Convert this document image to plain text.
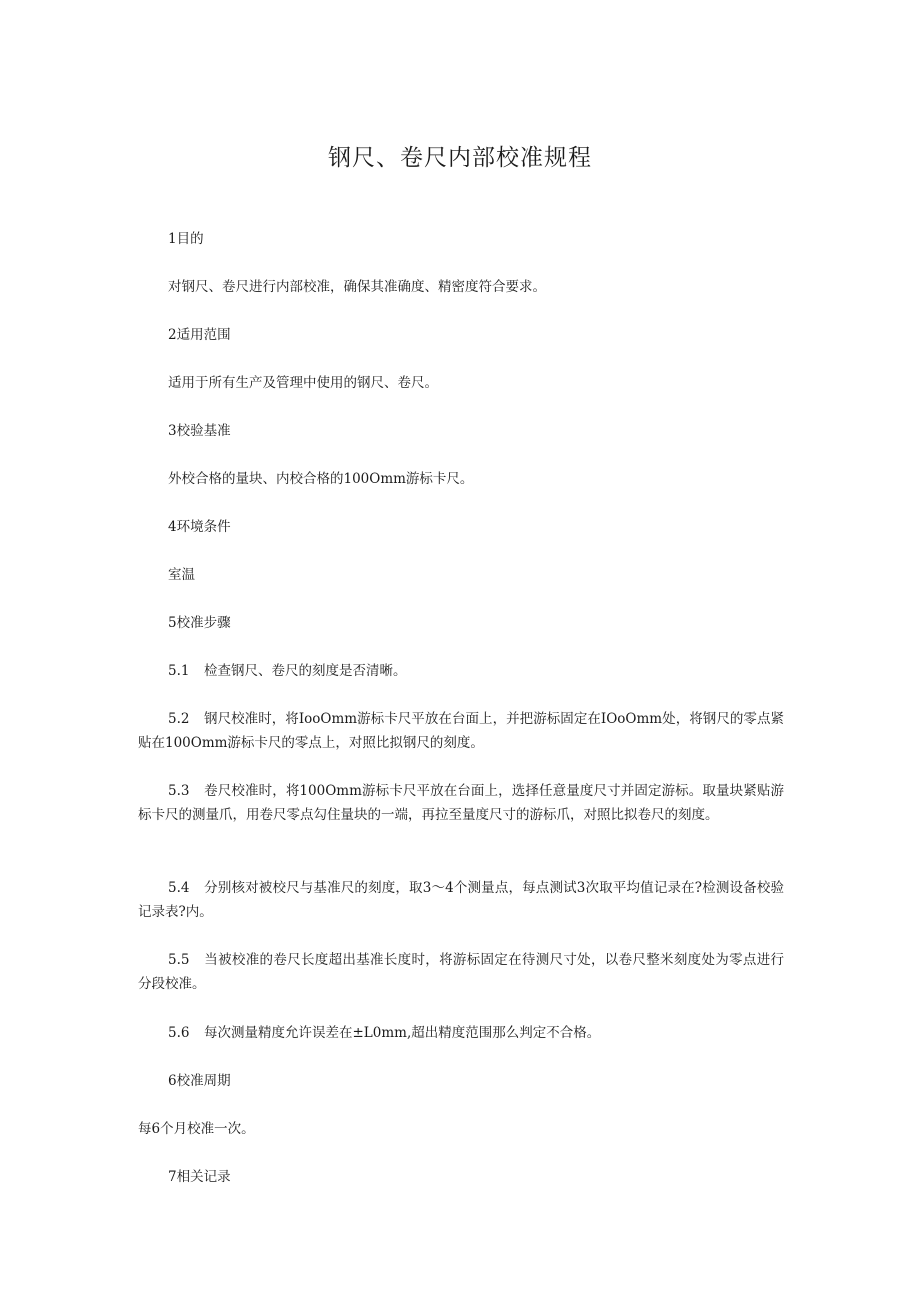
钢尺、卷尺内部校准规程

1目的

对钢尺、卷尺进行内部校准，确保其准确度、精密度符合要求。

2适用范围

适用于所有生产及管理中使用的钢尺、卷尺。

3校验基准

外校合格的量块、内校合格的100Omm游标卡尺。

4环境条件

室温

5校准步骤

5.1 检查钢尺、卷尺的刻度是否清晰。

5.2 钢尺校准时，将IooOmm游标卡尺平放在台面上，并把游标固定在IOoOmm处，将钢尺的零点紧贴在100Omm游标卡尺的零点上，对照比拟钢尺的刻度。

5.3 卷尺校准时，将100Omm游标卡尺平放在台面上，选择任意量度尺寸并固定游标。取量块紧贴游标卡尺的测量爪，用卷尺零点勾住量块的一端，再拉至量度尺寸的游标爪，对照比拟卷尺的刻度。

5.4 分别核对被校尺与基准尺的刻度，取3〜4个测量点，每点测试3次取平均值记录在?检测设备校验记录表?内。

5.5 当被校准的卷尺长度超出基准长度时，将游标固定在待测尺寸处，以卷尺整米刻度处为零点进行分段校准。

5.6 每次测量精度允许误差在±L0mm,超出精度范围那么判定不合格。

6校准周期

每6个月校准一次。

7相关记录
